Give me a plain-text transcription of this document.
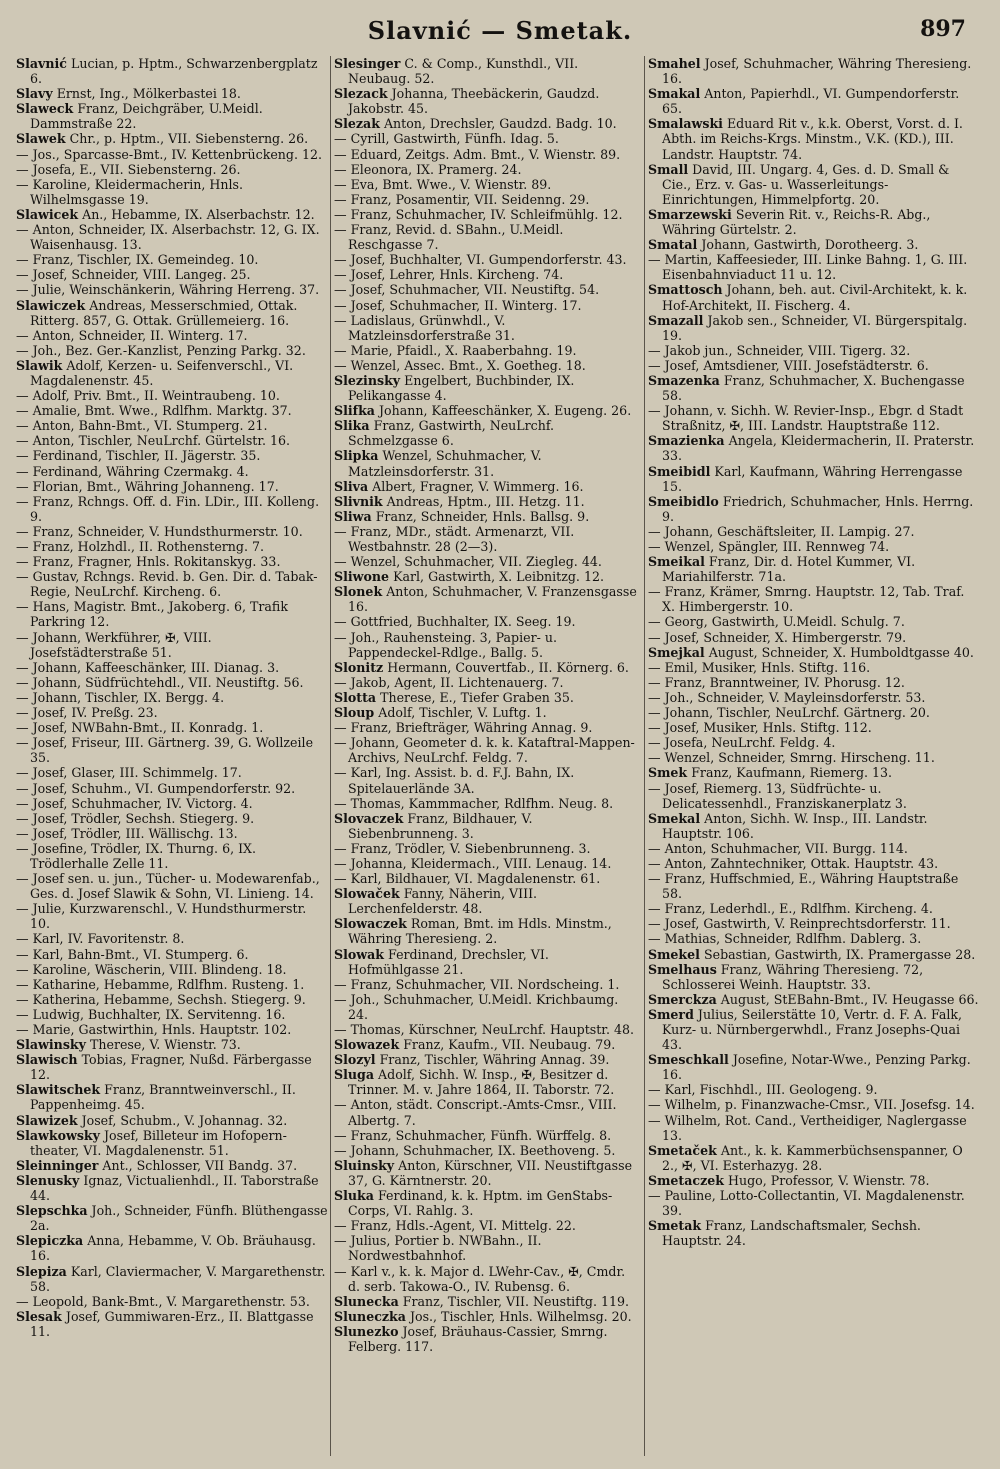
Slavnić — Smetak.	897

Slavnić Lucian, p. Hptm., Schwarzenbergplatz 6.

Slavy Ernst, Ing., Mölkerbastei 18.

Slaweck Franz, Deichgräber, U.Meidl. Dammstraße 22.

Slawek Chr., p. Hptm., VII. Siebensterng. 26.

— Jos., Sparcasse-Bmt., IV. Kettenbrückeng. 12.

— Josefa, E., VII. Siebensterng. 26.

— Karoline, Kleidermacherin, Hnls. Wilhelmsgasse 19.

Slawicek An., Hebamme, IX. Alserbachstr. 12.

— Anton, Schneider, IX. Alserbachstr. 12, G. IX. Waisenhausg. 13.

— Franz, Tischler, IX. Gemeindeg. 10.

— Josef, Schneider, VIII. Langeg. 25.

— Julie, Weinschänkerin, Währing Herreng. 37.

Slawiczek Andreas, Messerschmied, Ottak. Ritterg. 857, G. Ottak. Grüllemeierg. 16.

— Anton, Schneider, II. Winterg. 17.

— Joh., Bez. Ger.-Kanzlist, Penzing Parkg. 32.

Slawik Adolf, Kerzen- u. Seifenverschl., VI. Magdalenenstr. 45.

— Adolf, Priv. Bmt., II. Weintraubeng. 10.

— Amalie, Bmt. Wwe., Rdlfhm. Marktg. 37.

— Anton, Bahn-Bmt., VI. Stumperg. 21.

— Anton, Tischler, NeuLrchf. Gürtelstr. 16.

— Ferdinand, Tischler, II. Jägerstr. 35.

— Ferdinand, Währing Czermakg. 4.

— Florian, Bmt., Währing Johanneng. 17.

— Franz, Rchngs. Off. d. Fin. LDir., III. Kolleng. 9.

— Franz, Schneider, V. Hundsthurmerstr. 10.

— Franz, Holzhdl., II. Rothensterng. 7.

— Franz, Fragner, Hnls. Rokitanskyg. 33.

— Gustav, Rchngs. Revid. b. Gen. Dir. d. Tabak-Regie, NeuLrchf. Kircheng. 6.

— Hans, Magistr. Bmt., Jakoberg. 6, Trafik Parkring 12.

— Johann, Werkführer, ✠, VIII. Josefstädterstraße 51.

— Johann, Kaffeeschänker, III. Dianag. 3.

— Johann, Südfrüchtehdl., VII. Neustiftg. 56.

— Johann, Tischler, IX. Bergg. 4.

— Josef, IV. Preßg. 23.

— Josef, NWBahn-Bmt., II. Konradg. 1.

— Josef, Friseur, III. Gärtnerg. 39, G. Wollzeile 35.

— Josef, Glaser, III. Schimmelg. 17.

— Josef, Schuhm., VI. Gumpendorferstr. 92.

— Josef, Schuhmacher, IV. Victorg. 4.

— Josef, Trödler, Sechsh. Stiegerg. 9.

— Josef, Trödler, III. Wällischg. 13.

— Josefine, Trödler, IX. Thurng. 6, IX. Trödlerhalle Zelle 11.

— Josef sen. u. jun., Tücher- u. Modewarenfab., Ges. d. Josef Slawik & Sohn, VI. Linieng. 14.

— Julie, Kurzwarenschl., V. Hundsthurmerstr. 10.

— Karl, IV. Favoritenstr. 8.

— Karl, Bahn-Bmt., VI. Stumperg. 6.

— Karoline, Wäscherin, VIII. Blindeng. 18.

— Katharine, Hebamme, Rdlfhm. Rusteng. 1.

— Katherina, Hebamme, Sechsh. Stiegerg. 9.

— Ludwig, Buchhalter, IX. Servitenng. 16.

— Marie, Gastwirthin, Hnls. Hauptstr. 102.

Slawinsky Therese, V. Wienstr. 73.

Slawisch Tobias, Fragner, Nußd. Färbergasse 12.

Slawitschek Franz, Branntweinverschl., II. Pappenheimg. 45.

Slawizek Josef, Schubm., V. Johannag. 32.

Slawkowsky Josef, Billeteur im Hofopern-theater, VI. Magdalenenstr. 51.

Sleinninger Ant., Schlosser, VII Bandg. 37.

Slenusky Ignaz, Victualienhdl., II. Taborstraße 44.

Slepschka Joh., Schneider, Fünfh. Blüthengasse 2a.

Slepiczka Anna, Hebamme, V. Ob. Bräuhausg. 16.

Slepiza Karl, Claviermacher, V. Margarethenstr. 58.

— Leopold, Bank-Bmt., V. Margarethenstr. 53.

Slesak Josef, Gummiwaren-Erz., II. Blattgasse 11.

Slesinger C. & Comp., Kunsthdl., VII. Neubaug. 52.

Slezack Johanna, Theebäckerin, Gaudzd. Jakobstr. 45.

Slezak Anton, Drechsler, Gaudzd. Badg. 10.

— Cyrill, Gastwirth, Fünfh. Idag. 5.

— Eduard, Zeitgs. Adm. Bmt., V. Wienstr. 89.

— Eleonora, IX. Pramerg. 24.

— Eva, Bmt. Wwe., V. Wienstr. 89.

— Franz, Posamentir, VII. Seidenng. 29.

— Franz, Schuhmacher, IV. Schleifmühlg. 12.

— Franz, Revid. d. SBahn., U.Meidl. Reschgasse 7.

— Josef, Buchhalter, VI. Gumpendorferstr. 43.

— Josef, Lehrer, Hnls. Kircheng. 74.

— Josef, Schuhmacher, VII. Neustiftg. 54.

— Josef, Schuhmacher, II. Winterg. 17.

— Ladislaus, Grünwhdl., V. Matzleinsdorferstraße 31.

— Marie, Pfaidl., X. Raaberbahng. 19.

— Wenzel, Assec. Bmt., X. Goetheg. 18.

Slezinsky Engelbert, Buchbinder, IX. Pelikangasse 4.

Slifka Johann, Kaffeeschänker, X. Eugeng. 26.

Slika Franz, Gastwirth, NeuLrchf. Schmelzgasse 6.

Slipka Wenzel, Schuhmacher, V. Matzleinsdorferstr. 31.

Sliva Albert, Fragner, V. Wimmerg. 16.

Slivnik Andreas, Hptm., III. Hetzg. 11.

Sliwa Franz, Schneider, Hnls. Ballsg. 9.

— Franz, MDr., städt. Armenarzt, VII. Westbahnstr. 28 (2—3).

— Wenzel, Schuhmacher, VII. Ziegleg. 44.

Sliwone Karl, Gastwirth, X. Leibnitzg. 12.

Slonek Anton, Schuhmacher, V. Franzensgasse 16.

— Gottfried, Buchhalter, IX. Seeg. 19.

— Joh., Rauhensteing. 3, Papier- u. Pappendeckel-Rdlge., Ballg. 5.

Slonitz Hermann, Couvertfab., II. Körnerg. 6.

— Jakob, Agent, II. Lichtenauerg. 7.

Slotta Therese, E., Tiefer Graben 35.

Sloup Adolf, Tischler, V. Luftg. 1.

— Franz, Briefträger, Währing Annag. 9.

— Johann, Geometer d. k. k. Kataftral-Mappen-Archivs, NeuLrchf. Feldg. 7.

— Karl, Ing. Assist. b. d. F.J. Bahn, IX. Spitelauerlände 3A.

— Thomas, Kammmacher, Rdlfhm. Neug. 8.

Slovaczek Franz, Bildhauer, V. Siebenbrunneng. 3.

— Franz, Trödler, V. Siebenbrunneng. 3.

— Johanna, Kleidermach., VIII. Lenaug. 14.

— Karl, Bildhauer, VI. Magdalenenstr. 61.

Slowaček Fanny, Näherin, VIII. Lerchenfelderstr. 48.

Slowaczek Roman, Bmt. im Hdls. Minstm., Währing Theresieng. 2.

Slowak Ferdinand, Drechsler, VI. Hofmühlgasse 21.

— Franz, Schuhmacher, VII. Nordscheing. 1.

— Joh., Schuhmacher, U.Meidl. Krichbaumg. 24.

— Thomas, Kürschner, NeuLrchf. Hauptstr. 48.

Slowazek Franz, Kaufm., VII. Neubaug. 79.

Slozyl Franz, Tischler, Währing Annag. 39.

Sluga Adolf, Sichh. W. Insp., ✠, Besitzer d. Trinner. M. v. Jahre 1864, II. Taborstr. 72.

— Anton, städt. Conscript.-Amts-Cmsr., VIII. Albertg. 7.

— Franz, Schuhmacher, Fünfh. Würffelg. 8.

— Johann, Schuhmacher, IX. Beethoveng. 5.

Sluinsky Anton, Kürschner, VII. Neustiftgasse 37, G. Kärntnerstr. 20.

Sluka Ferdinand, k. k. Hptm. im GenStabs-Corps, VI. Rahlg. 3.

— Franz, Hdls.-Agent, VI. Mittelg. 22.

— Julius, Portier b. NWBahn., II. Nordwestbahnhof.

— Karl v., k. k. Major d. LWehr-Cav., ✠, Cmdr. d. serb. Takowa-O., IV. Rubensg. 6.

Slunecka Franz, Tischler, VII. Neustiftg. 119.

Sluneczka Jos., Tischler, Hnls. Wilhelmsg. 20.

Slunezko Josef, Bräuhaus-Cassier, Smrng. Felberg. 117.

Smahel Josef, Schuhmacher, Währing Theresieng. 16.

Smakal Anton, Papierhdl., VI. Gumpendorferstr. 65.

Smalawski Eduard Rit v., k.k. Oberst, Vorst. d. I. Abth. im Reichs-Krgs. Minstm., V.K. (KD.), III. Landstr. Hauptstr. 74.

Small David, III. Ungarg. 4, Ges. d. D. Small & Cie., Erz. v. Gas- u. Wasserleitungs-Einrichtungen, Himmelpfortg. 20.

Smarzewski Severin Rit. v., Reichs-R. Abg., Währing Gürtelstr. 2.

Smatal Johann, Gastwirth, Dorotheerg. 3.

— Martin, Kaffeesieder, III. Linke Bahng. 1, G. III. Eisenbahnviaduct 11 u. 12.

Smattosch Johann, beh. aut. Civil-Architekt, k. k. Hof-Architekt, II. Fischerg. 4.

Smazall Jakob sen., Schneider, VI. Bürgerspitalg. 19.

— Jakob jun., Schneider, VIII. Tigerg. 32.

— Josef, Amtsdiener, VIII. Josefstädterstr. 6.

Smazenka Franz, Schuhmacher, X. Buchengasse 58.

— Johann, v. Sichh. W. Revier-Insp., Ebgr. d Stadt Straßnitz, ✠, III. Landstr. Hauptstraße 112.

Smazienka Angela, Kleidermacherin, II. Praterstr. 33.

Smeibidl Karl, Kaufmann, Währing Herrengasse 15.

Smeibidlo Friedrich, Schuhmacher, Hnls. Herrng. 9.

— Johann, Geschäftsleiter, II. Lampig. 27.

— Wenzel, Spängler, III. Rennweg 74.

Smeikal Franz, Dir. d. Hotel Kummer, VI. Mariahilferstr. 71a.

— Franz, Krämer, Smrng. Hauptstr. 12, Tab. Traf. X. Himbergerstr. 10.

— Georg, Gastwirth, U.Meidl. Schulg. 7.

— Josef, Schneider, X. Himbergerstr. 79.

Smejkal August, Schneider, X. Humboldtgasse 40.

— Emil, Musiker, Hnls. Stiftg. 116.

— Franz, Branntweiner, IV. Phorusg. 12.

— Joh., Schneider, V. Mayleinsdorferstr. 53.

— Johann, Tischler, NeuLrchf. Gärtnerg. 20.

— Josef, Musiker, Hnls. Stiftg. 112.

— Josefa, NeuLrchf. Feldg. 4.

— Wenzel, Schneider, Smrng. Hirscheng. 11.

Smek Franz, Kaufmann, Riemerg. 13.

— Josef, Riemerg. 13, Südfrüchte- u. Delicatessenhdl., Franziskanerplatz 3.

Smekal Anton, Sichh. W. Insp., III. Landstr. Hauptstr. 106.

— Anton, Schuhmacher, VII. Burgg. 114.

— Anton, Zahntechniker, Ottak. Hauptstr. 43.

— Franz, Huffschmied, E., Währing Hauptstraße 58.

— Franz, Lederhdl., E., Rdlfhm. Kircheng. 4.

— Josef, Gastwirth, V. Reinprechtsdorferstr. 11.

— Mathias, Schneider, Rdlfhm. Dablerg. 3.

Smekel Sebastian, Gastwirth, IX. Pramergasse 28.

Smelhaus Franz, Währing Theresieng. 72, Schlosserei Weinh. Hauptstr. 33.

Smerckza August, StEBahn-Bmt., IV. Heugasse 66.

Smerd Julius, Seilerstätte 10, Vertr. d. F. A. Falk, Kurz- u. Nürnbergerwhdl., Franz Josephs-Quai 43.

Smeschkall Josefine, Notar-Wwe., Penzing Parkg. 16.

— Karl, Fischhdl., III. Geologeng. 9.

— Wilhelm, p. Finanzwache-Cmsr., VII. Josefsg. 14.

— Wilhelm, Rot. Cand., Vertheidiger, Naglergasse 13.

Smetaček Ant., k. k. Kammerbüchsenspanner, O 2., ✠, VI. Esterhazyg. 28.

Smetaczek Hugo, Professor, V. Wienstr. 78.

— Pauline, Lotto-Collectantin, VI. Magdalenenstr. 39.

Smetak Franz, Landschaftsmaler, Sechsh. Hauptstr. 24.
